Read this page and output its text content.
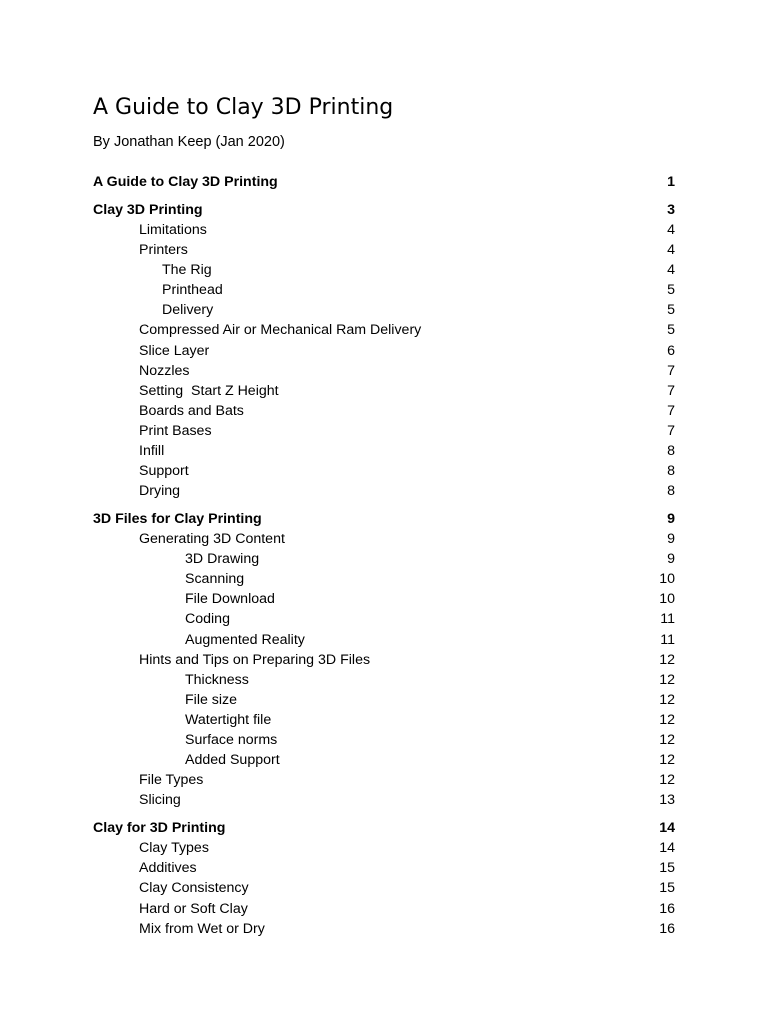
A Guide to Clay 3D Printing

By Jonathan Keep (Jan 2020)

A Guide to Clay 3D Printing	1
Clay 3D Printing	3
Limitations	4
Printers	4
The Rig	4
Printhead	5
Delivery	5
Compressed Air or Mechanical Ram Delivery	5
Slice Layer	6
Nozzles	7
Setting  Start Z Height	7
Boards and Bats	7
Print Bases	7
Infill	8
Support	8
Drying	8
3D Files for Clay Printing	9
Generating 3D Content	9
3D Drawing	9
Scanning	10
File Download	10
Coding	11
Augmented Reality	11
Hints and Tips on Preparing 3D Files	12
Thickness	12
File size	12
Watertight file	12
Surface norms	12
Added Support	12
File Types	12
Slicing	13
Clay for 3D Printing	14
Clay Types	14
Additives	15
Clay Consistency	15
Hard or Soft Clay	16
Mix from Wet or Dry	16
